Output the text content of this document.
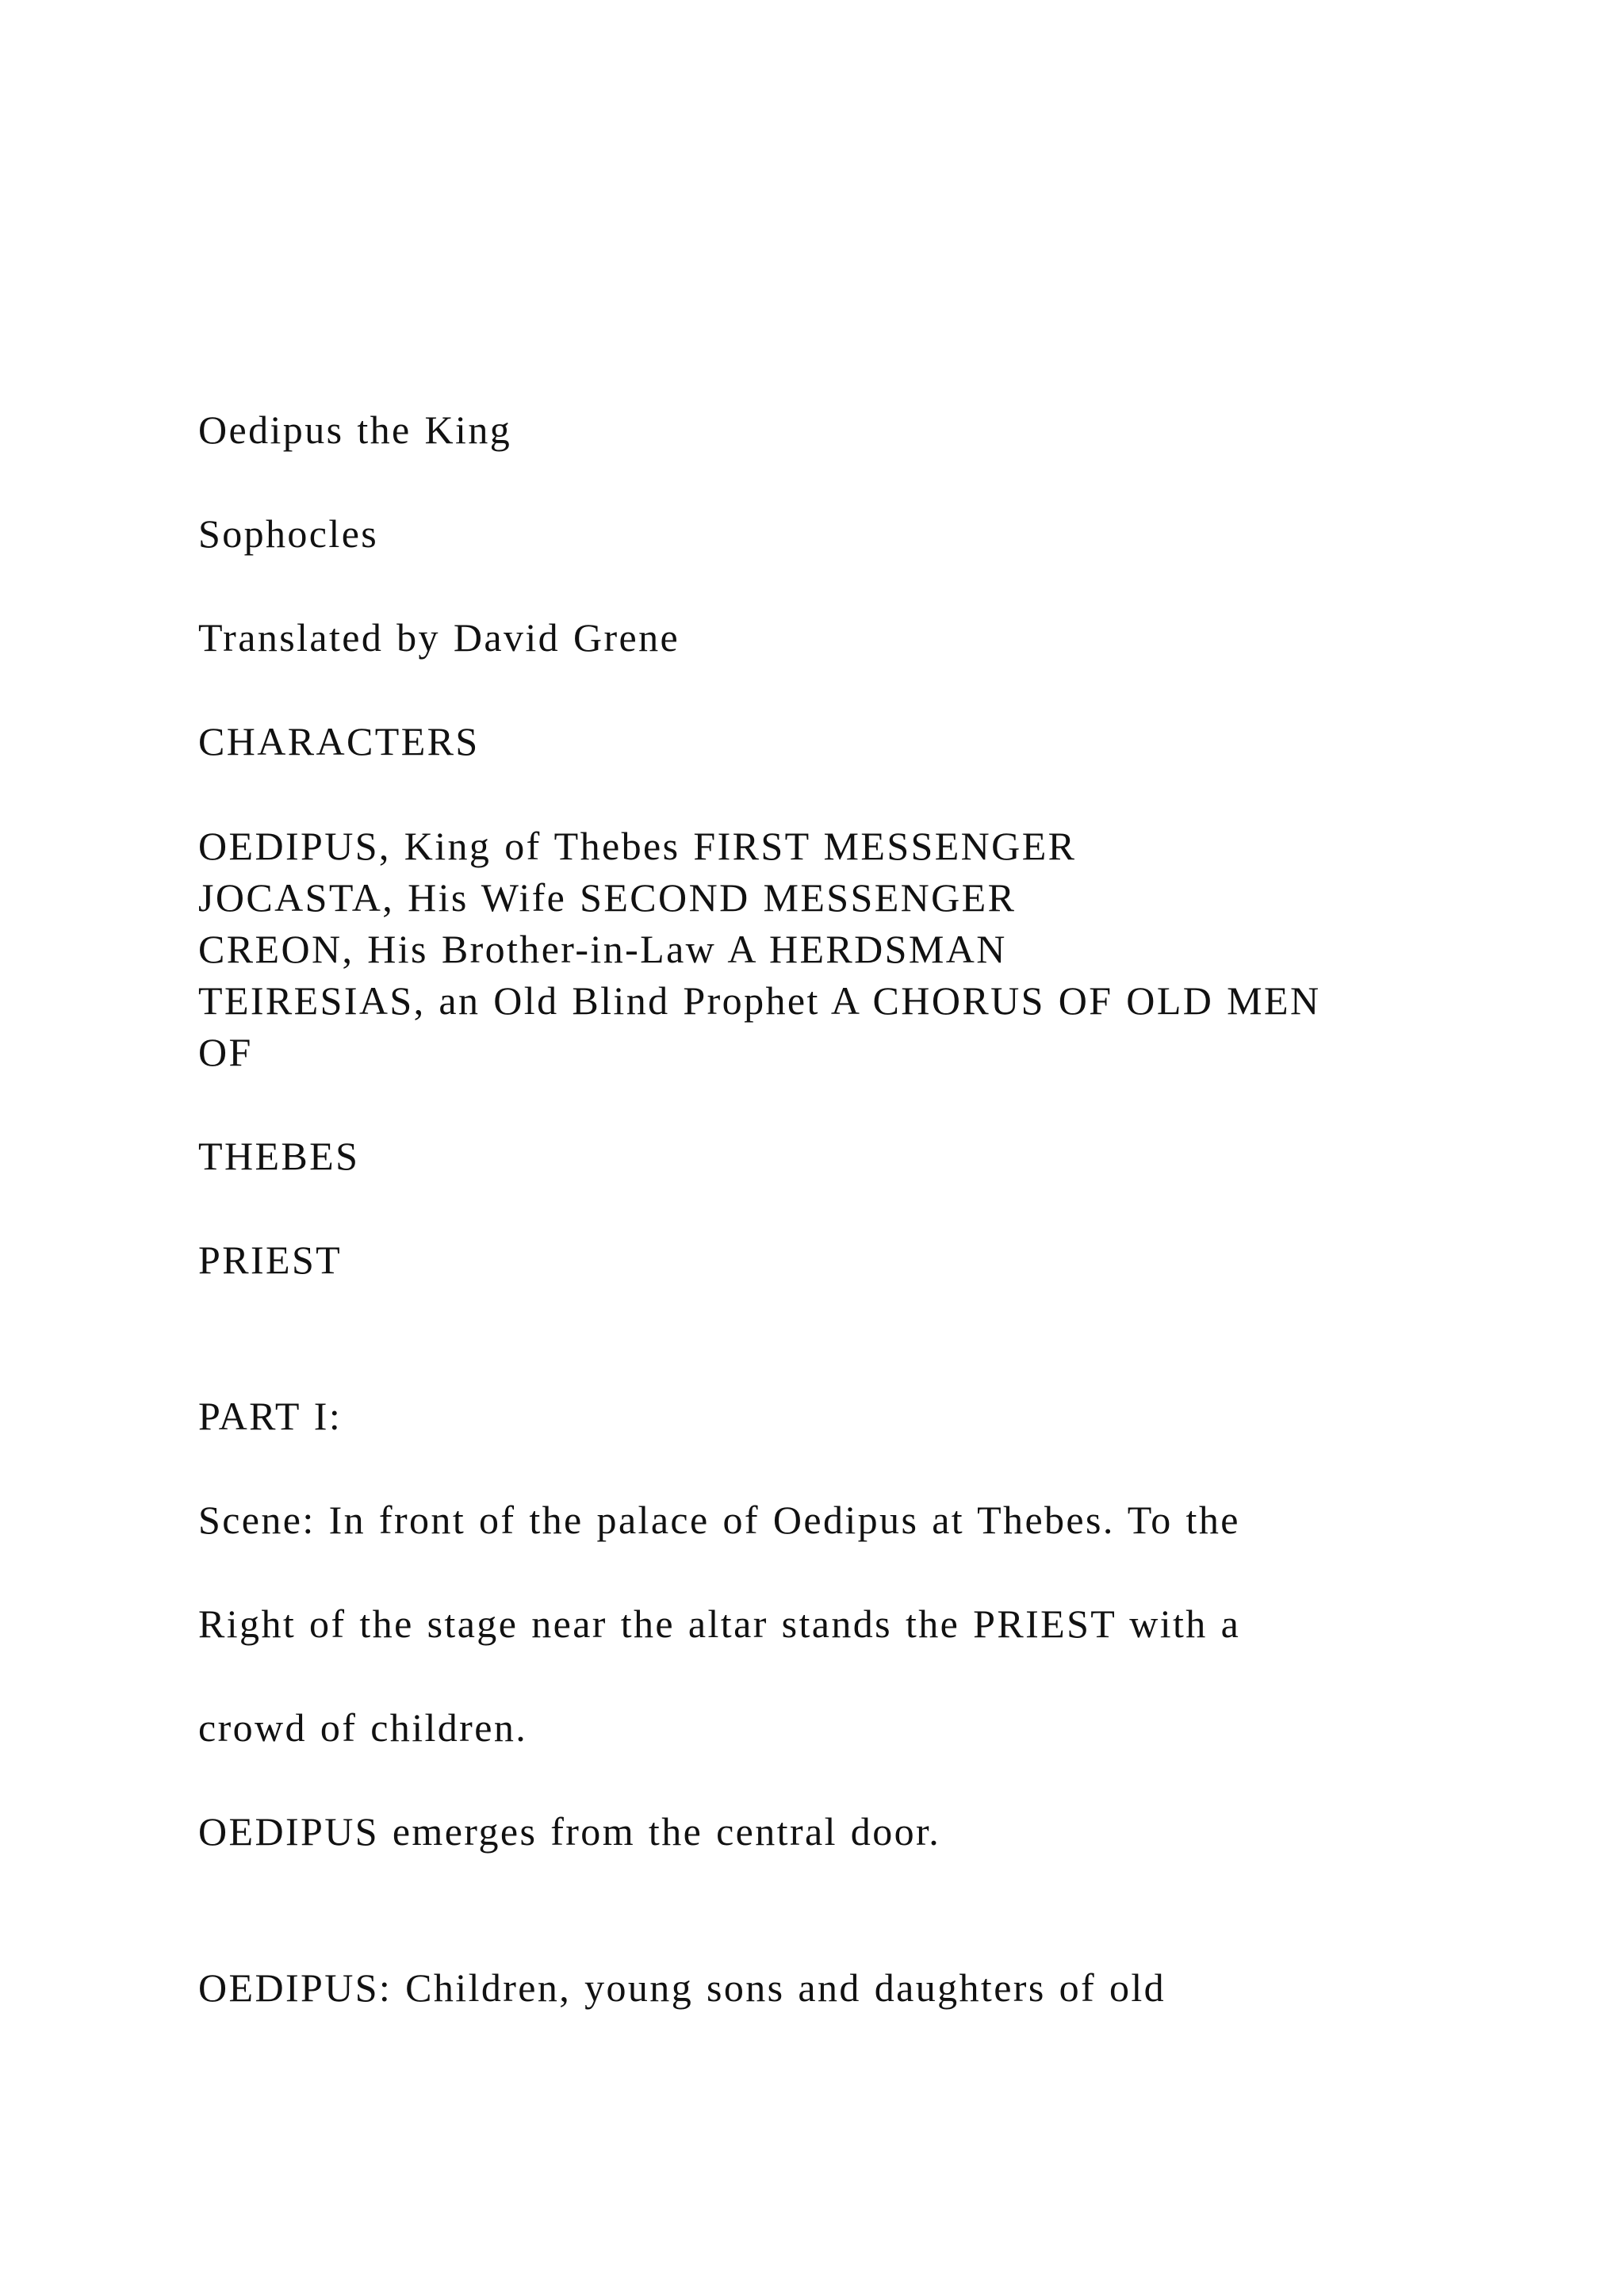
Oedipus the King
Sophocles
Translated by David Grene
CHARACTERS
OEDIPUS, King of Thebes FIRST MESSENGER
JOCASTA, His Wife SECOND MESSENGER
CREON, His Brother-in-Law A HERDSMAN
TEIRESIAS, an Old Blind Prophet A CHORUS OF OLD MEN
OF
THEBES
PRIEST
PART I:
Scene: In front of the palace of Oedipus at Thebes. To the
Right of the stage near the altar stands the PRIEST with a
crowd of children.
OEDIPUS emerges from the central door.
OEDIPUS: Children, young sons and daughters of old
